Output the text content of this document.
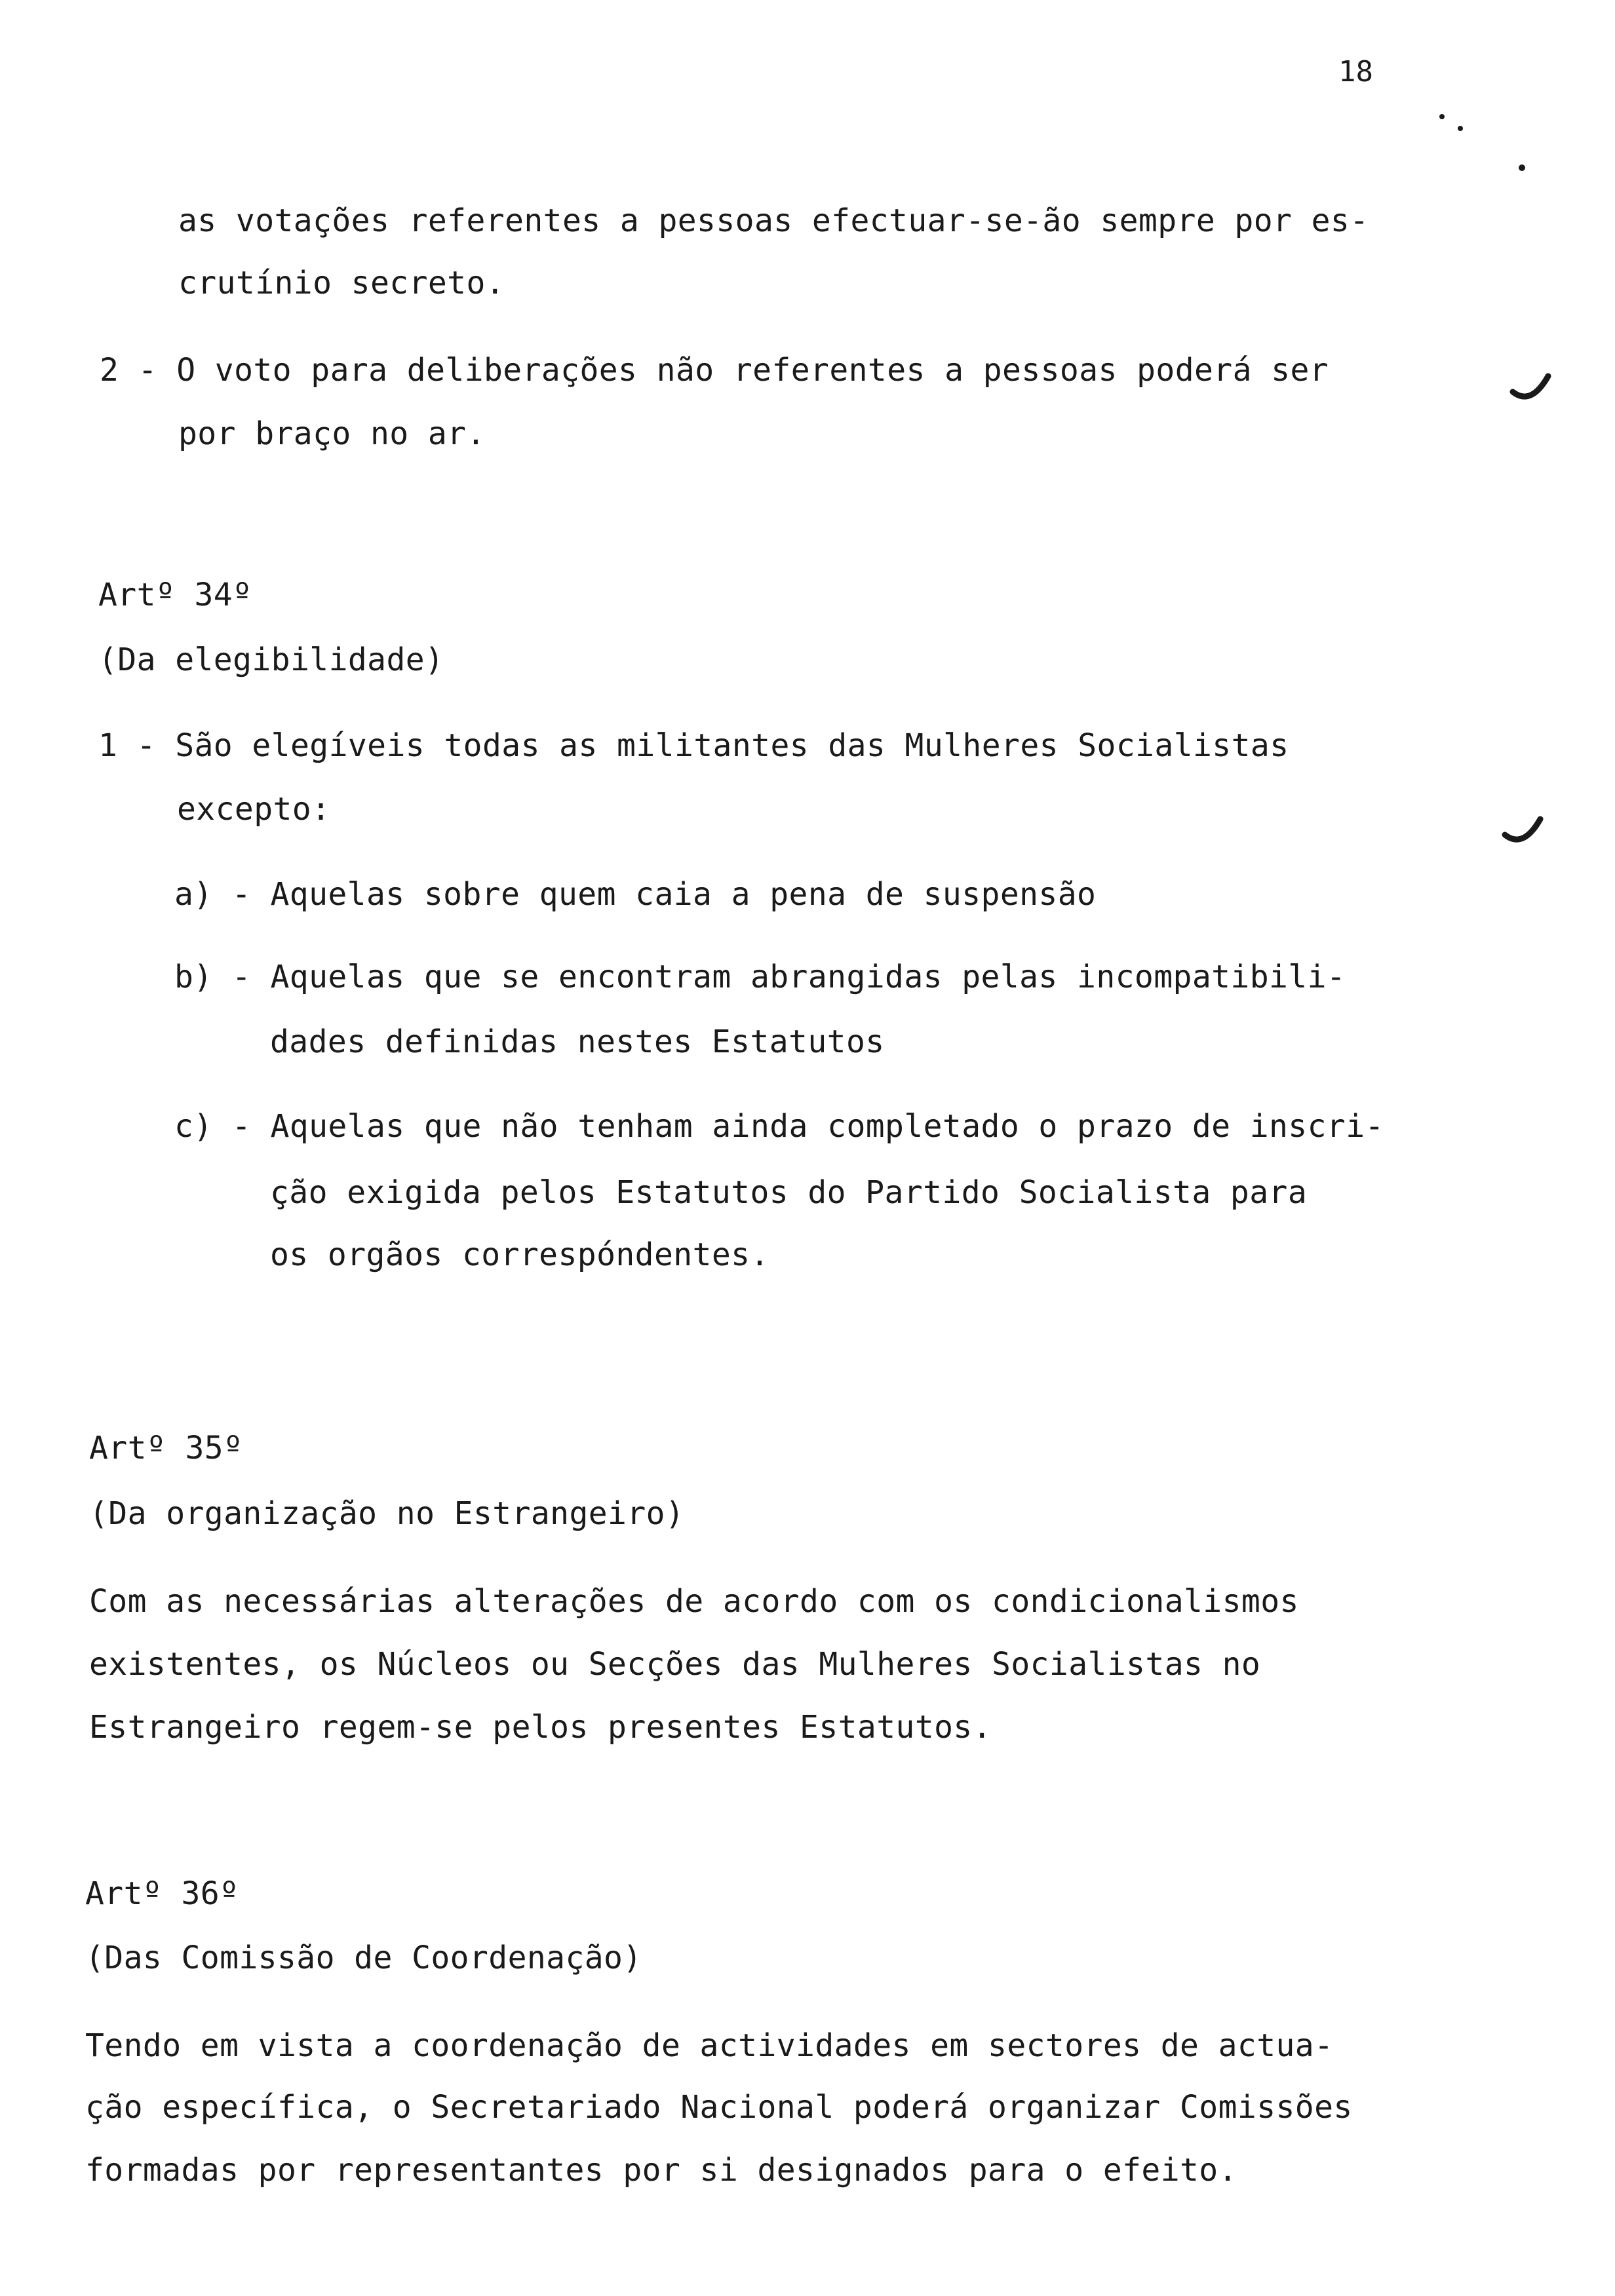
18
as votações referentes a pessoas efectuar-se-ão sempre por es-
crutínio secreto.
2 - O voto para deliberações não referentes a pessoas poderá ser
por braço no ar.
Artº 34º
(Da elegibilidade)
1 - São elegíveis todas as militantes das Mulheres Socialistas
excepto:
a) - Aquelas sobre quem caia a pena de suspensão
b) - Aquelas que se encontram abrangidas pelas incompatibili-
dades definidas nestes Estatutos
c) - Aquelas que não tenham ainda completado o prazo de inscri-
ção exigida pelos Estatutos do Partido Socialista para
os orgãos correspóndentes.
Artº 35º
(Da organização no Estrangeiro)
Com as necessárias alterações de acordo com os condicionalismos
existentes, os Núcleos ou Secções das Mulheres Socialistas no
Estrangeiro regem-se pelos presentes Estatutos.
Artº 36º
(Das Comissão de Coordenação)
Tendo em vista a coordenação de actividades em sectores de actua-
ção específica, o Secretariado Nacional poderá organizar Comissões
formadas por representantes por si designados para o efeito.
